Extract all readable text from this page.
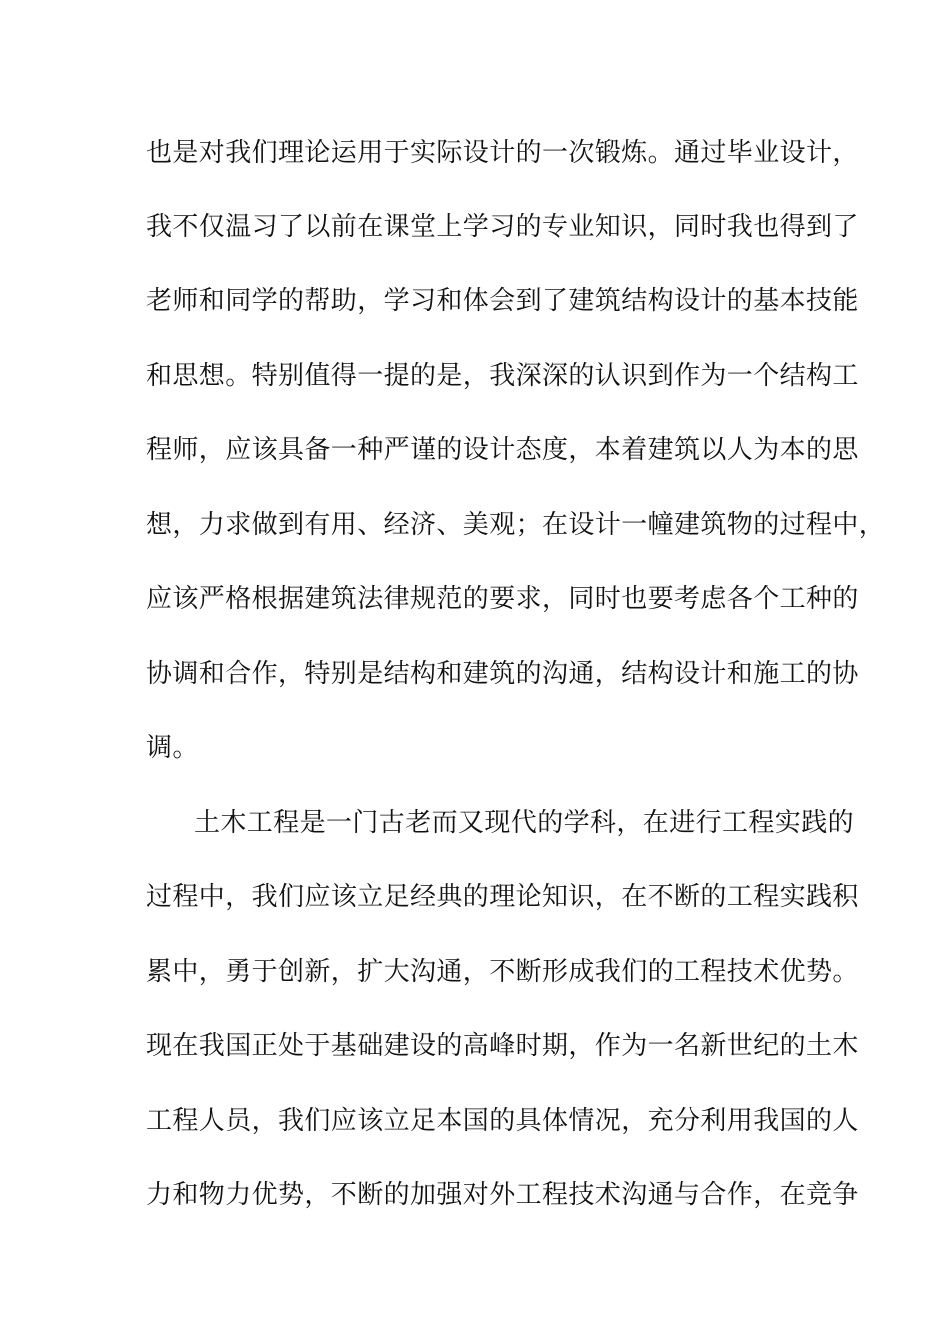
也是对我们理论运用于实际设计的一次锻炼。通过毕业设计，
我不仅温习了以前在课堂上学习的专业知识，同时我也得到了
老师和同学的帮助，学习和体会到了建筑结构设计的基本技能
和思想。特别值得一提的是，我深深的认识到作为一个结构工
程师，应该具备一种严谨的设计态度，本着建筑以人为本的思
想，力求做到有用、经济、美观；在设计一幢建筑物的过程中，
应该严格根据建筑法律规范的要求，同时也要考虑各个工种的
协调和合作，特别是结构和建筑的沟通，结构设计和施工的协
调。
土木工程是一门古老而又现代的学科，在进行工程实践的
过程中，我们应该立足经典的理论知识，在不断的工程实践积
累中，勇于创新，扩大沟通，不断形成我们的工程技术优势。
现在我国正处于基础建设的高峰时期，作为一名新世纪的土木
工程人员，我们应该立足本国的具体情况，充分利用我国的人
力和物力优势，不断的加强对外工程技术沟通与合作，在竞争
